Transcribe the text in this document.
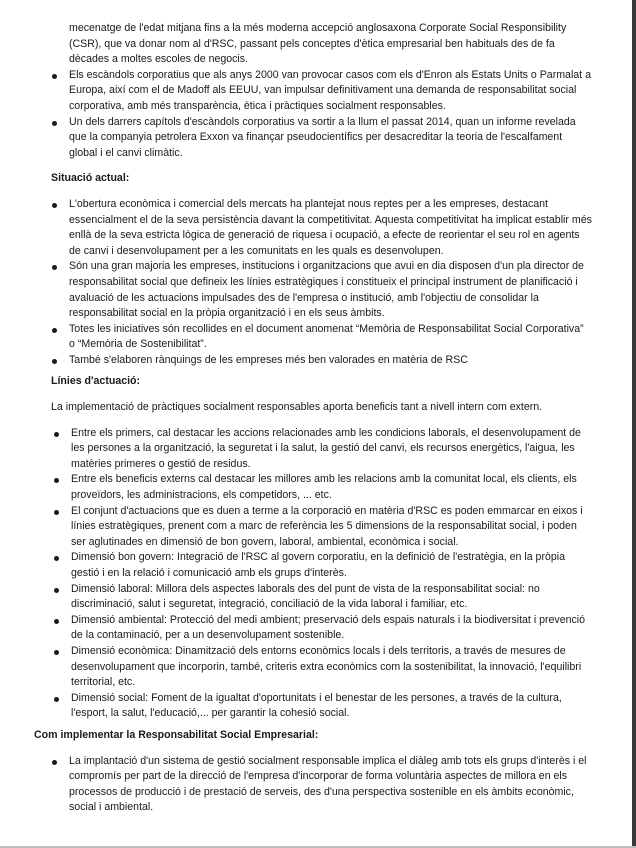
mecenatge de l'edat mitjana fins a la més moderna accepció anglosaxona Corporate Social Responsibility (CSR), que va donar nom al d'RSC, passant pels conceptes d'ètica empresarial ben habituals des de fa dècades a moltes escoles de negocis.
Els escàndols corporatius que als anys 2000 van provocar casos com els d'Enron als Estats Units o Parmalat a Europa, així com el de Madoff als EEUU, van impulsar definitivament una demanda de responsabilitat social corporativa, amb més transparència, ètica i pràctiques socialment responsables.
Un dels darrers capítols d'escàndols corporatius va sortir a la llum el passat 2014, quan un informe revelada que la companyia petrolera Exxon va finançar pseudocientífics per desacreditar la teoria de l'escalfament global i el canvi climàtic.
Situació actual:
L'obertura econòmica i comercial dels mercats ha plantejat nous reptes per a les empreses, destacant essencialment el de la seva persistència davant la competitivitat. Aquesta competitivitat ha implicat establir més enllà de la seva estricta lògica de generació de riquesa i ocupació, a efecte de reorientar el seu rol en agents de canvi i desenvolupament per a les comunitats en les quals es desenvolupen.
Són una gran majoria les empreses, institucions i organitzacions que avui en dia disposen d'un pla director de responsabilitat social que defineix les línies estratègiques i constitueix el principal instrument de planificació i avaluació de les actuacions impulsades des de l'empresa o institució, amb l'objectiu de consolidar la responsabilitat social en la pròpia organització i en els seus àmbits.
Totes les iniciatives són recollides en el document anomenat “Memòria de Responsabilitat Social Corporativa” o “Memòria de Sostenibilitat”.
També s'elaboren rànquings de les empreses més ben valorades en matèria de RSC
Línies d'actuació:
La implementació de pràctiques socialment responsables aporta beneficis tant a nivell intern com extern.
Entre els primers, cal destacar les accions relacionades amb les condicions laborals, el desenvolupament de les persones a la organització, la seguretat i la salut, la gestió del canvi, els recursos energètics, l'aigua, les matèries primeres o gestió de residus.
Entre els beneficis externs cal destacar les millores amb les relacions amb la comunitat local, els clients, els proveïdors, les administracions, els competidors, ... etc.
El conjunt d'actuacions que es duen a terme a la corporació en matèria d'RSC es poden emmarcar en eixos i línies estratègiques, prenent com a marc de referència les 5 dimensions de la responsabilitat social, i poden ser aglutinades en dimensió de bon govern, laboral, ambiental, econòmica i social.
Dimensió bon govern: Integració de l'RSC al govern corporatiu, en la definició de l'estratègia, en la pròpia gestió i en la relació i comunicació amb els grups d'interès.
Dimensió laboral: Millora dels aspectes laborals des del punt de vista de la responsabilitat social: no discriminació, salut i seguretat, integració, conciliació de la vida laboral i familiar, etc.
Dimensió ambiental: Protecció del medi ambient; preservació dels espais naturals i la biodiversitat i prevenció de la contaminació, per a un desenvolupament sostenible.
Dimensió econòmica: Dinamització dels entorns econòmics locals i dels territoris, a través de mesures de desenvolupament que incorporin, també, criteris extra econòmics com la sostenibilitat, la innovació, l'equilibri territorial, etc.
Dimensió social: Foment de la igualtat d'oportunitats i el benestar de les persones, a través de la cultura, l'esport, la salut, l'educació,... per garantir la cohesió social.
Com implementar la Responsabilitat Social Empresarial:
La implantació d'un sistema de gestió socialment responsable implica el diàleg amb tots els grups d'interès i el compromís per part de la direcció de l'empresa d'incorporar de forma voluntària aspectes de millora en els processos de producció i de prestació de serveis, des d'una perspectiva sostenible en els àmbits econòmic, social i ambiental.
